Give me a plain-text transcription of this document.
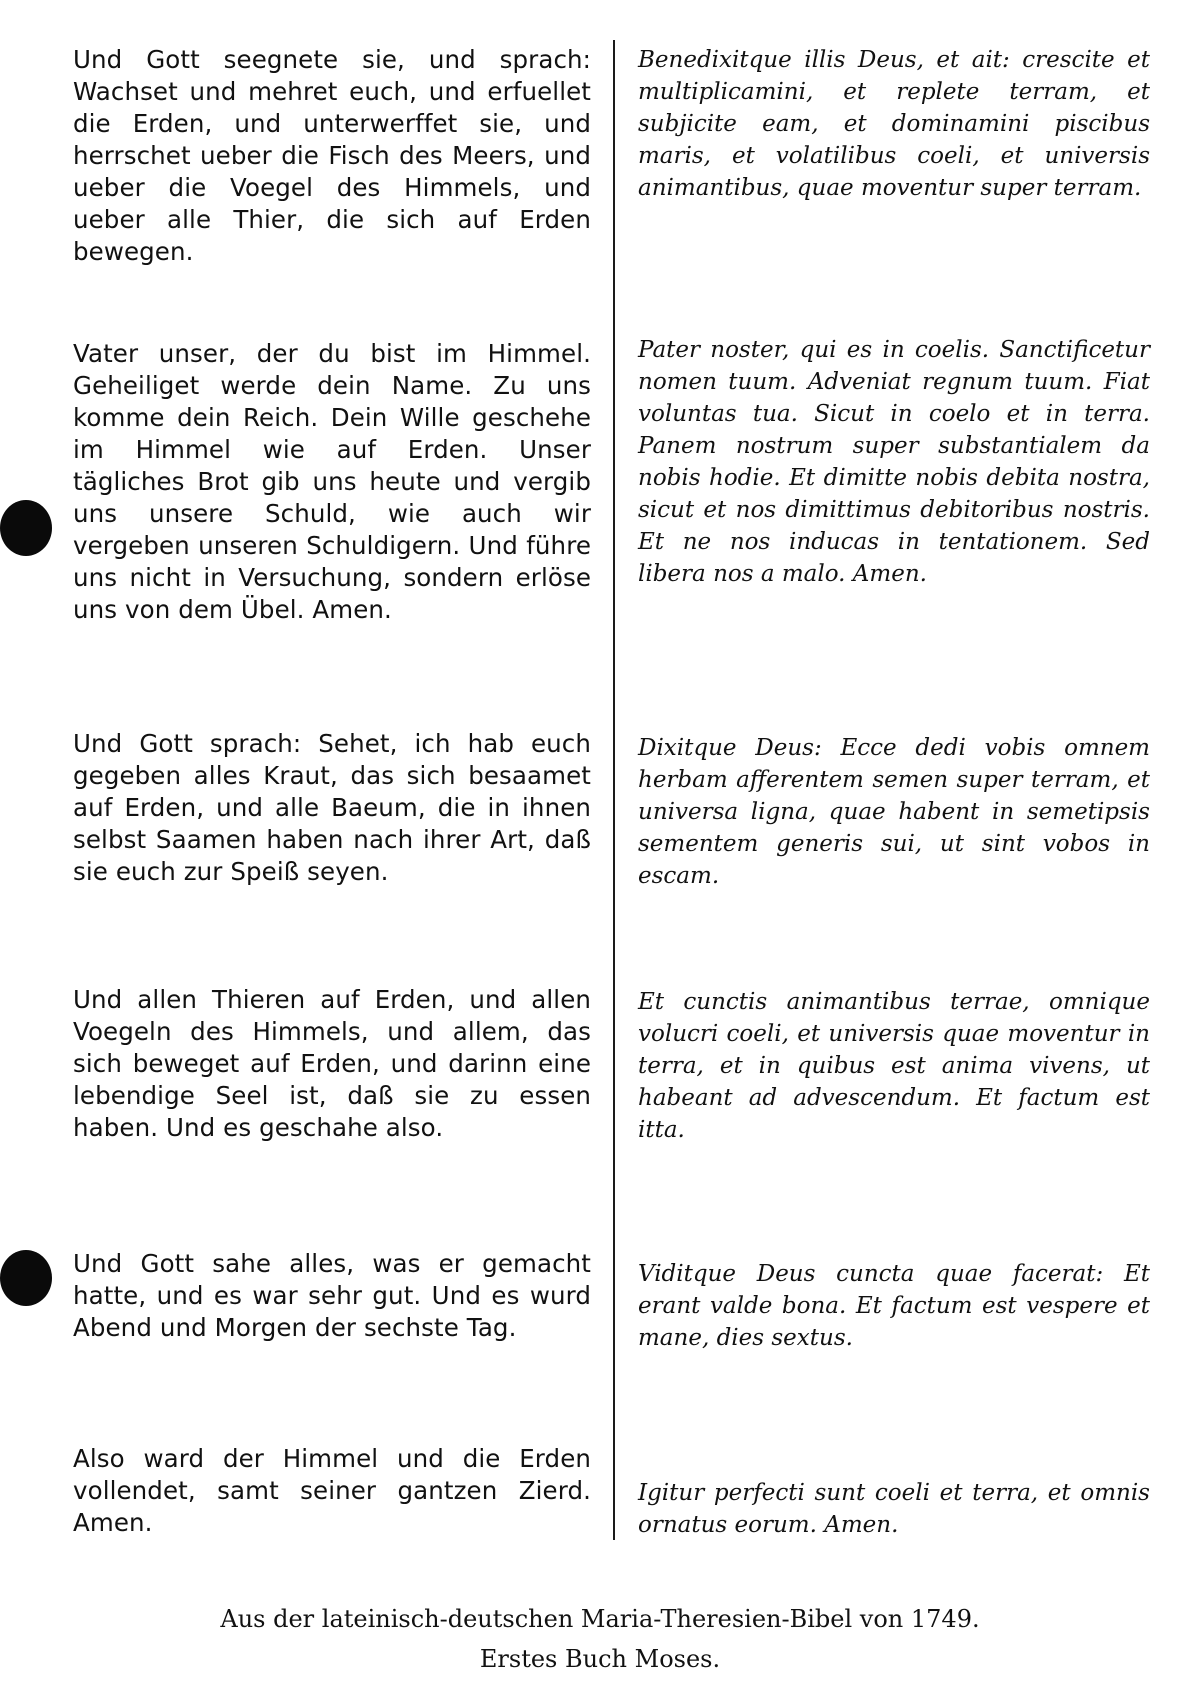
Und Gott seegnete sie, und sprach: Wachset und mehret euch, und erfuellet die Erden, und unterwerffet sie, und herrschet ueber die Fisch des Meers, und ueber die Voegel des Himmels, und ueber alle Thier, die sich auf Erden bewegen.

Benedixitque illis Deus, et ait: crescite et multiplicamini, et replete terram, et subjicite eam, et dominamini piscibus maris, et volatilibus coeli, et universis animantibus, quae moventur super terram.

Vater unser, der du bist im Himmel. Geheiliget werde dein Name. Zu uns komme dein Reich. Dein Wille geschehe im Himmel wie auf Erden. Unser tägliches Brot gib uns heute und vergib uns unsere Schuld, wie auch wir vergeben unseren Schuldigern. Und führe uns nicht in Versuchung, sondern erlöse uns von dem Übel. Amen.

Pater noster, qui es in coelis. Sanctificetur nomen tuum. Adveniat regnum tuum. Fiat voluntas tua. Sicut in coelo et in terra. Panem nostrum super substantialem da nobis hodie. Et dimitte nobis debita nostra, sicut et nos dimittimus debitoribus nostris. Et ne nos inducas in tentationem. Sed libera nos a malo. Amen.

Und Gott sprach: Sehet, ich hab euch gegeben alles Kraut, das sich besaamet auf Erden, und alle Baeum, die in ihnen selbst Saamen haben nach ihrer Art, daß sie euch zur Speiß seyen.

Dixitque Deus: Ecce dedi vobis omnem herbam afferentem semen super terram, et universa ligna, quae habent in semetipsis sementem generis sui, ut sint vobos in escam.

Und allen Thieren auf Erden, und allen Voegeln des Himmels, und allem, das sich beweget auf Erden, und darinn eine lebendige Seel ist, daß sie zu essen haben. Und es geschahe also.

Et cunctis animantibus terrae, omnique volucri coeli, et universis quae moventur in terra, et in quibus est anima vivens, ut habeant ad advescendum. Et factum est itta.

Und Gott sahe alles, was er gemacht hatte, und es war sehr gut. Und es wurd Abend und Morgen der sechste Tag.

Viditque Deus cuncta quae facerat: Et erant valde bona. Et factum est vespere et mane, dies sextus.

Also ward der Himmel und die Erden vollendet, samt seiner gantzen Zierd. Amen.

Igitur perfecti sunt coeli et terra, et omnis ornatus eorum. Amen.

Aus der lateinisch-deutschen Maria-Theresien-Bibel von 1749.
Erstes Buch Moses.
